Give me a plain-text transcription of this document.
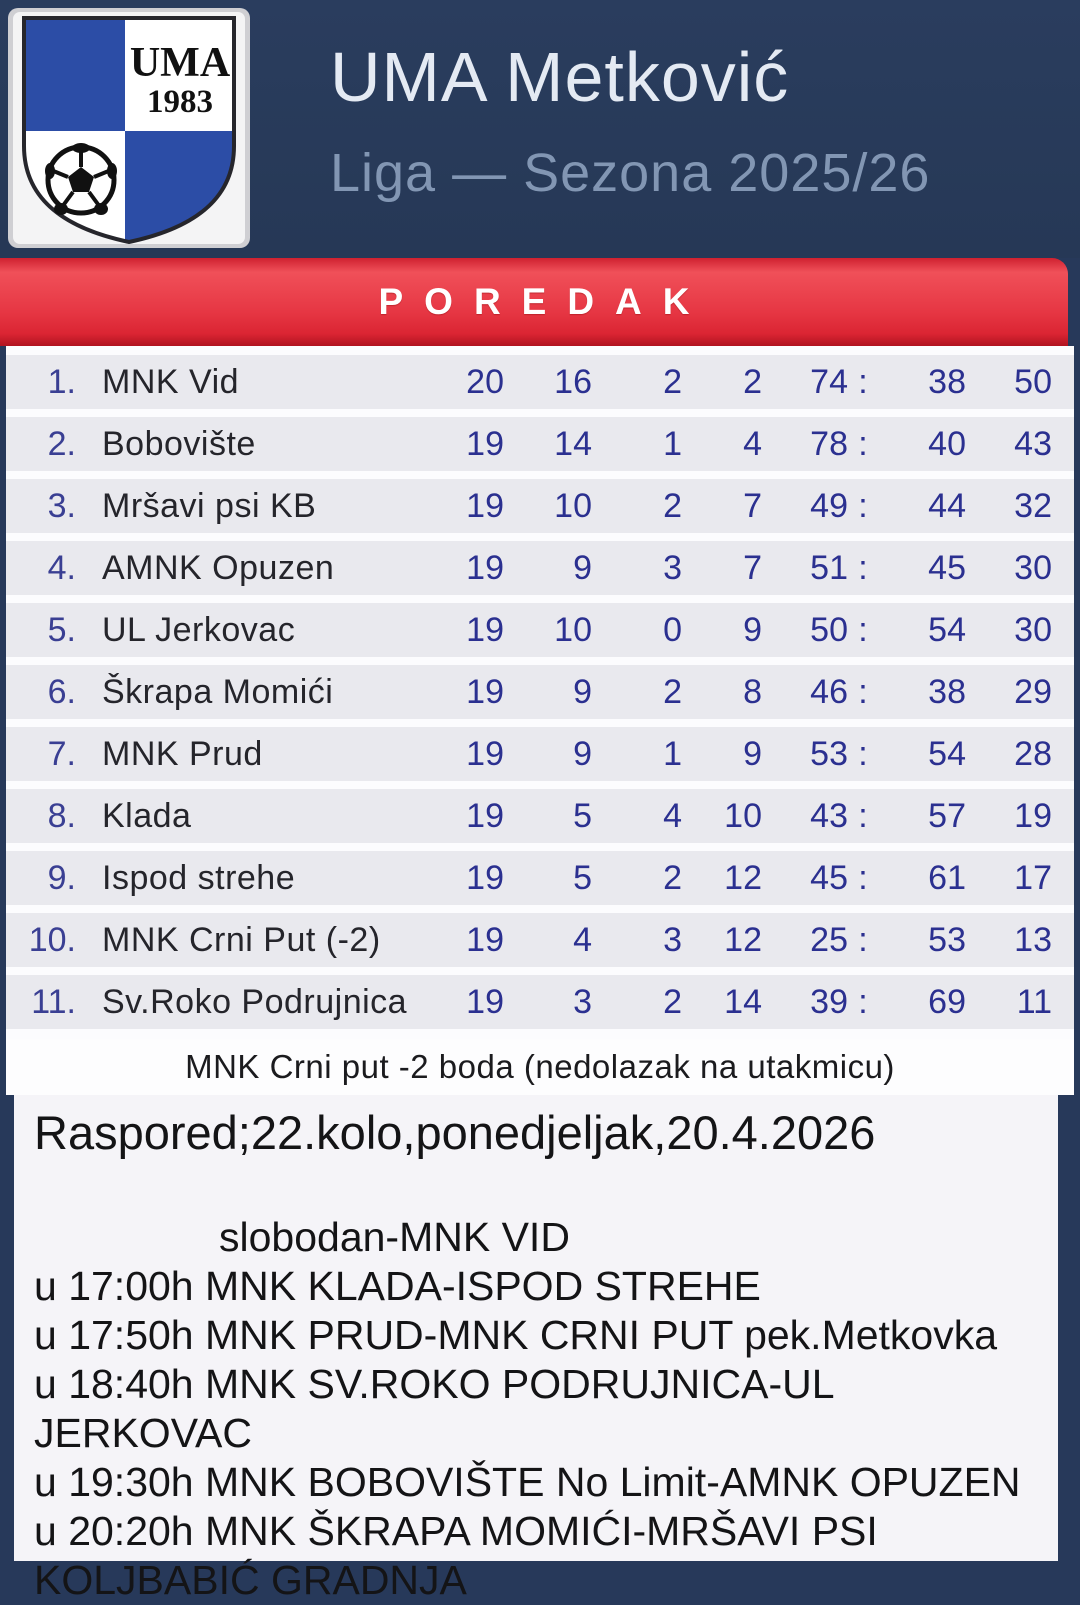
UMA
1983 UMA Metković
Liga — Sezona 2025/26
POREDAK
1. MNK Vid	20	16	2	2	74 :	38	50
2. Bobovište	19	14	1	4	78 :	40	43
3. Mršavi psi KB	19	10	2	7	49 :	44	32
4. AMNK Opuzen	19	9	3	7	51 :	45	30
5. UL Jerkovac	19	10	0	9	50 :	54	30
6. Škrapa Momići	19	9	2	8	46 :	38	29
7. MNK Prud	19	9	1	9	53 :	54	28
8. Klada	19	5	4	10	43 :	57	19
9. Ispod strehe	19	5	2	12	45 :	61	17
10. MNK Crni Put (-2)	19	4	3	12	25 :	53	13
11. Sv.Roko Podrujnica	19	3	2	14	39 :	69	11
MNK Crni put -2 boda (nedolazak na utakmicu)
Raspored;22.kolo,ponedjeljak,20.4.2026
slobodan-MNK VID
u 17:00h MNK KLADA-ISPOD STREHE
u 17:50h MNK PRUD-MNK CRNI PUT pek.Metkovka
u 18:40h MNK SV.ROKO PODRUJNICA-UL JERKOVAC
u 19:30h MNK BOBOVIŠTE No Limit-AMNK OPUZEN
u 20:20h MNK ŠKRAPA MOMIĆI-MRŠAVI PSI KOLJBABIĆ GRADNJA
